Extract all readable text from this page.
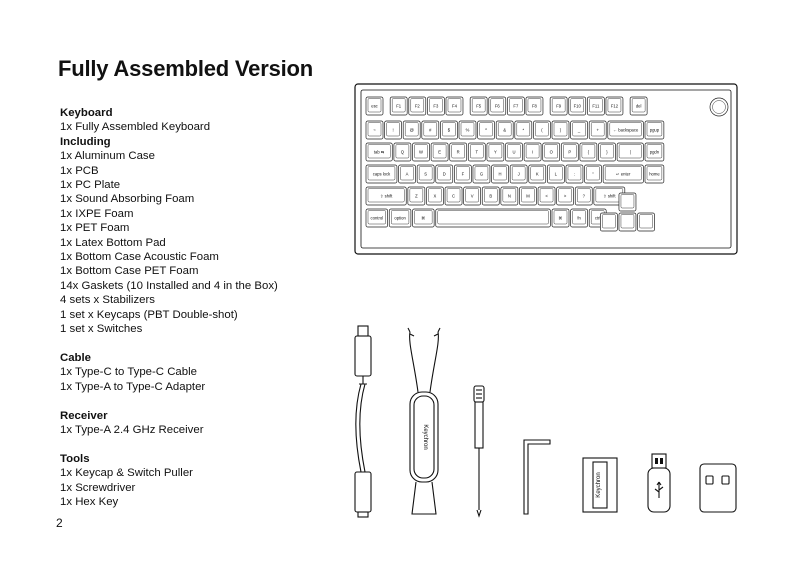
Fully Assembled Version
Keyboard
1x Fully Assembled Keyboard
Including
1x Aluminum Case
1x PCB
1x PC Plate
1x Sound Absorbing Foam
1x IXPE Foam
1x PET Foam
1x Latex Bottom Pad
1x Bottom Case Acoustic Foam
1x Bottom Case PET Foam
14x Gaskets (10 Installed and 4 in the Box)
4 sets x Stabilizers
1 set x Keycaps (PBT Double-shot)
1 set x Switches
Cable
1x Type-C to Type-C Cable
1x Type-A to Type-C Adapter
Receiver
1x Type-A 2.4 GHz Receiver
Tools
1x Keycap & Switch Puller
1x Screwdriver
1x Hex Key
2
esc	F1	F2	F3	F4	F5	F6	F7	F8	F9	F10	F11	F12	del
~	!	@	#	$	%	^	&	*	(	)	_	+	← backspace	pgup
tab ⇆	Q	W	E	R	T	Y	U	I	O	P	{	}	|	pgdn
caps lock	A	S	D	F	G	H	J	K	L	:	"	↵ enter	home
⇧ shift	Z	X	C	V	B	N	M	<	>	?	⇧ shift
control	option	⌘	⌘	fn	ctrl
Keychron
Keychron
